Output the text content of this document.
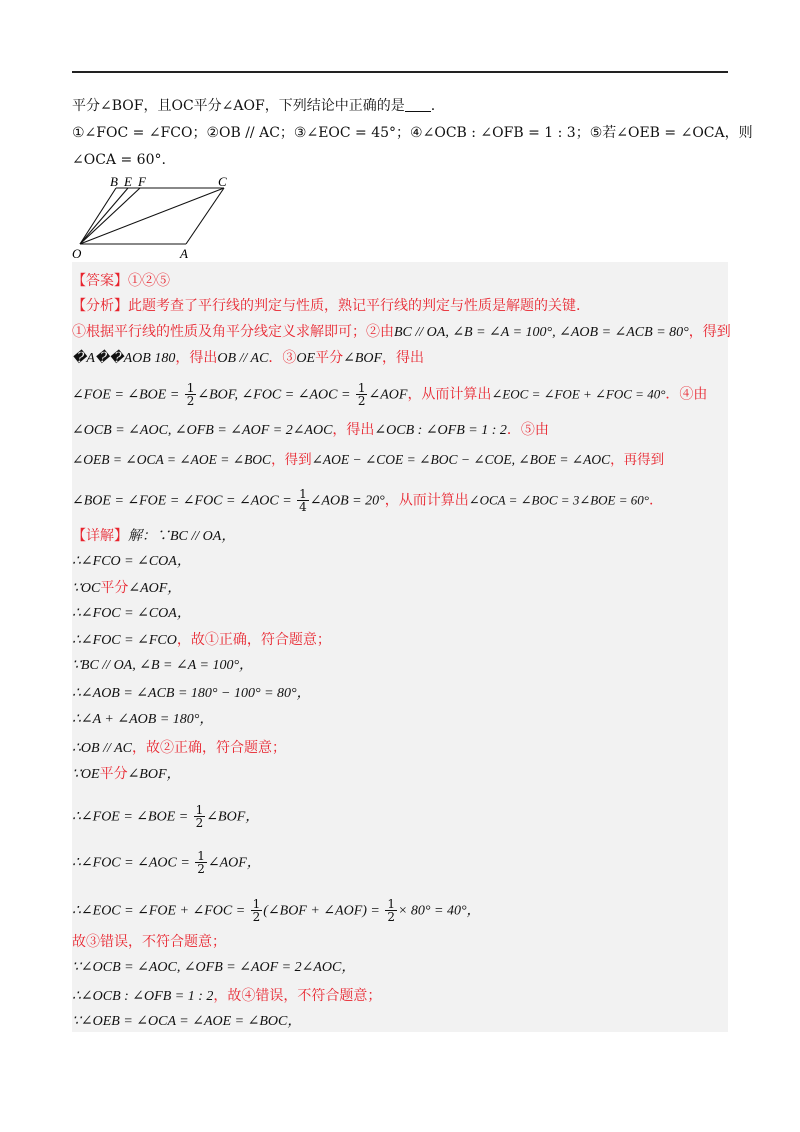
平分∠BOF，且OC平分∠AOF，下列结论中正确的是 .
①∠FOC = ∠FCO；②OB // AC；③∠EOC = 45°；④∠OCB : ∠OFB = 1 : 3；⑤若∠OEB = ∠OCA，则
∠OCA = 60°.
B E F	C
O	A
【答案】①②⑤
【分析】此题考查了平行线的判定与性质，熟记平行线的判定与性质是解题的关键.
①根据平行线的性质及角平分线定义求解即可；②由BC // OA, ∠B = ∠A = 100°, ∠AOB = ∠ACB = 80°，得到
�A��AOB 180，得出OB // AC．③OE平分∠BOF，得出
∠FOE = ∠BOE = $\frac{1}{2}$ ∠BOF, ∠FOC = ∠AOC = $\frac{1}{2}$ ∠AOF，从而计算出∠EOC = ∠FOE + ∠FOC = 40°．④由
∠OCB = ∠AOC, ∠OFB = ∠AOF = 2∠AOC，得出∠OCB : ∠OFB = 1 : 2．⑤由
∠OEB = ∠OCA = ∠AOE = ∠BOC，得到∠AOE − ∠COE = ∠BOC − ∠COE, ∠BOE = ∠AOC，再得到
∠BOE = ∠FOE = ∠FOC = ∠AOC = $\frac{1}{4}$ ∠AOB = 20°，从而计算出∠OCA = ∠BOC = 3∠BOE = 60°.
【详解】解：∵BC // OA，
∴∠FCO = ∠COA，
∵OC平分∠AOF，
∴∠FOC = ∠COA，
∴∠FOC = ∠FCO，故①正确，符合题意；
∵BC // OA, ∠B = ∠A = 100°，
∴∠AOB = ∠ACB = 180° − 100° = 80°，
∴∠A + ∠AOB = 180°，
∴OB // AC，故②正确，符合题意；
∵OE平分∠BOF，
∴∠FOE = ∠BOE = $\frac{1}{2}$ ∠BOF，
∴∠FOC = ∠AOC = $\frac{1}{2}$ ∠AOF，
∴∠EOC = ∠FOE + ∠FOC = $\frac{1}{2}$ (∠BOF + ∠AOF) = $\frac{1}{2} \times 80^\circ = 40^\circ$，
故③错误，不符合题意；
∵∠OCB = ∠AOC, ∠OFB = ∠AOF = 2∠AOC，
∴∠OCB : ∠OFB = 1 : 2，故④错误，不符合题意；
∵∠OEB = ∠OCA = ∠AOE = ∠BOC，
